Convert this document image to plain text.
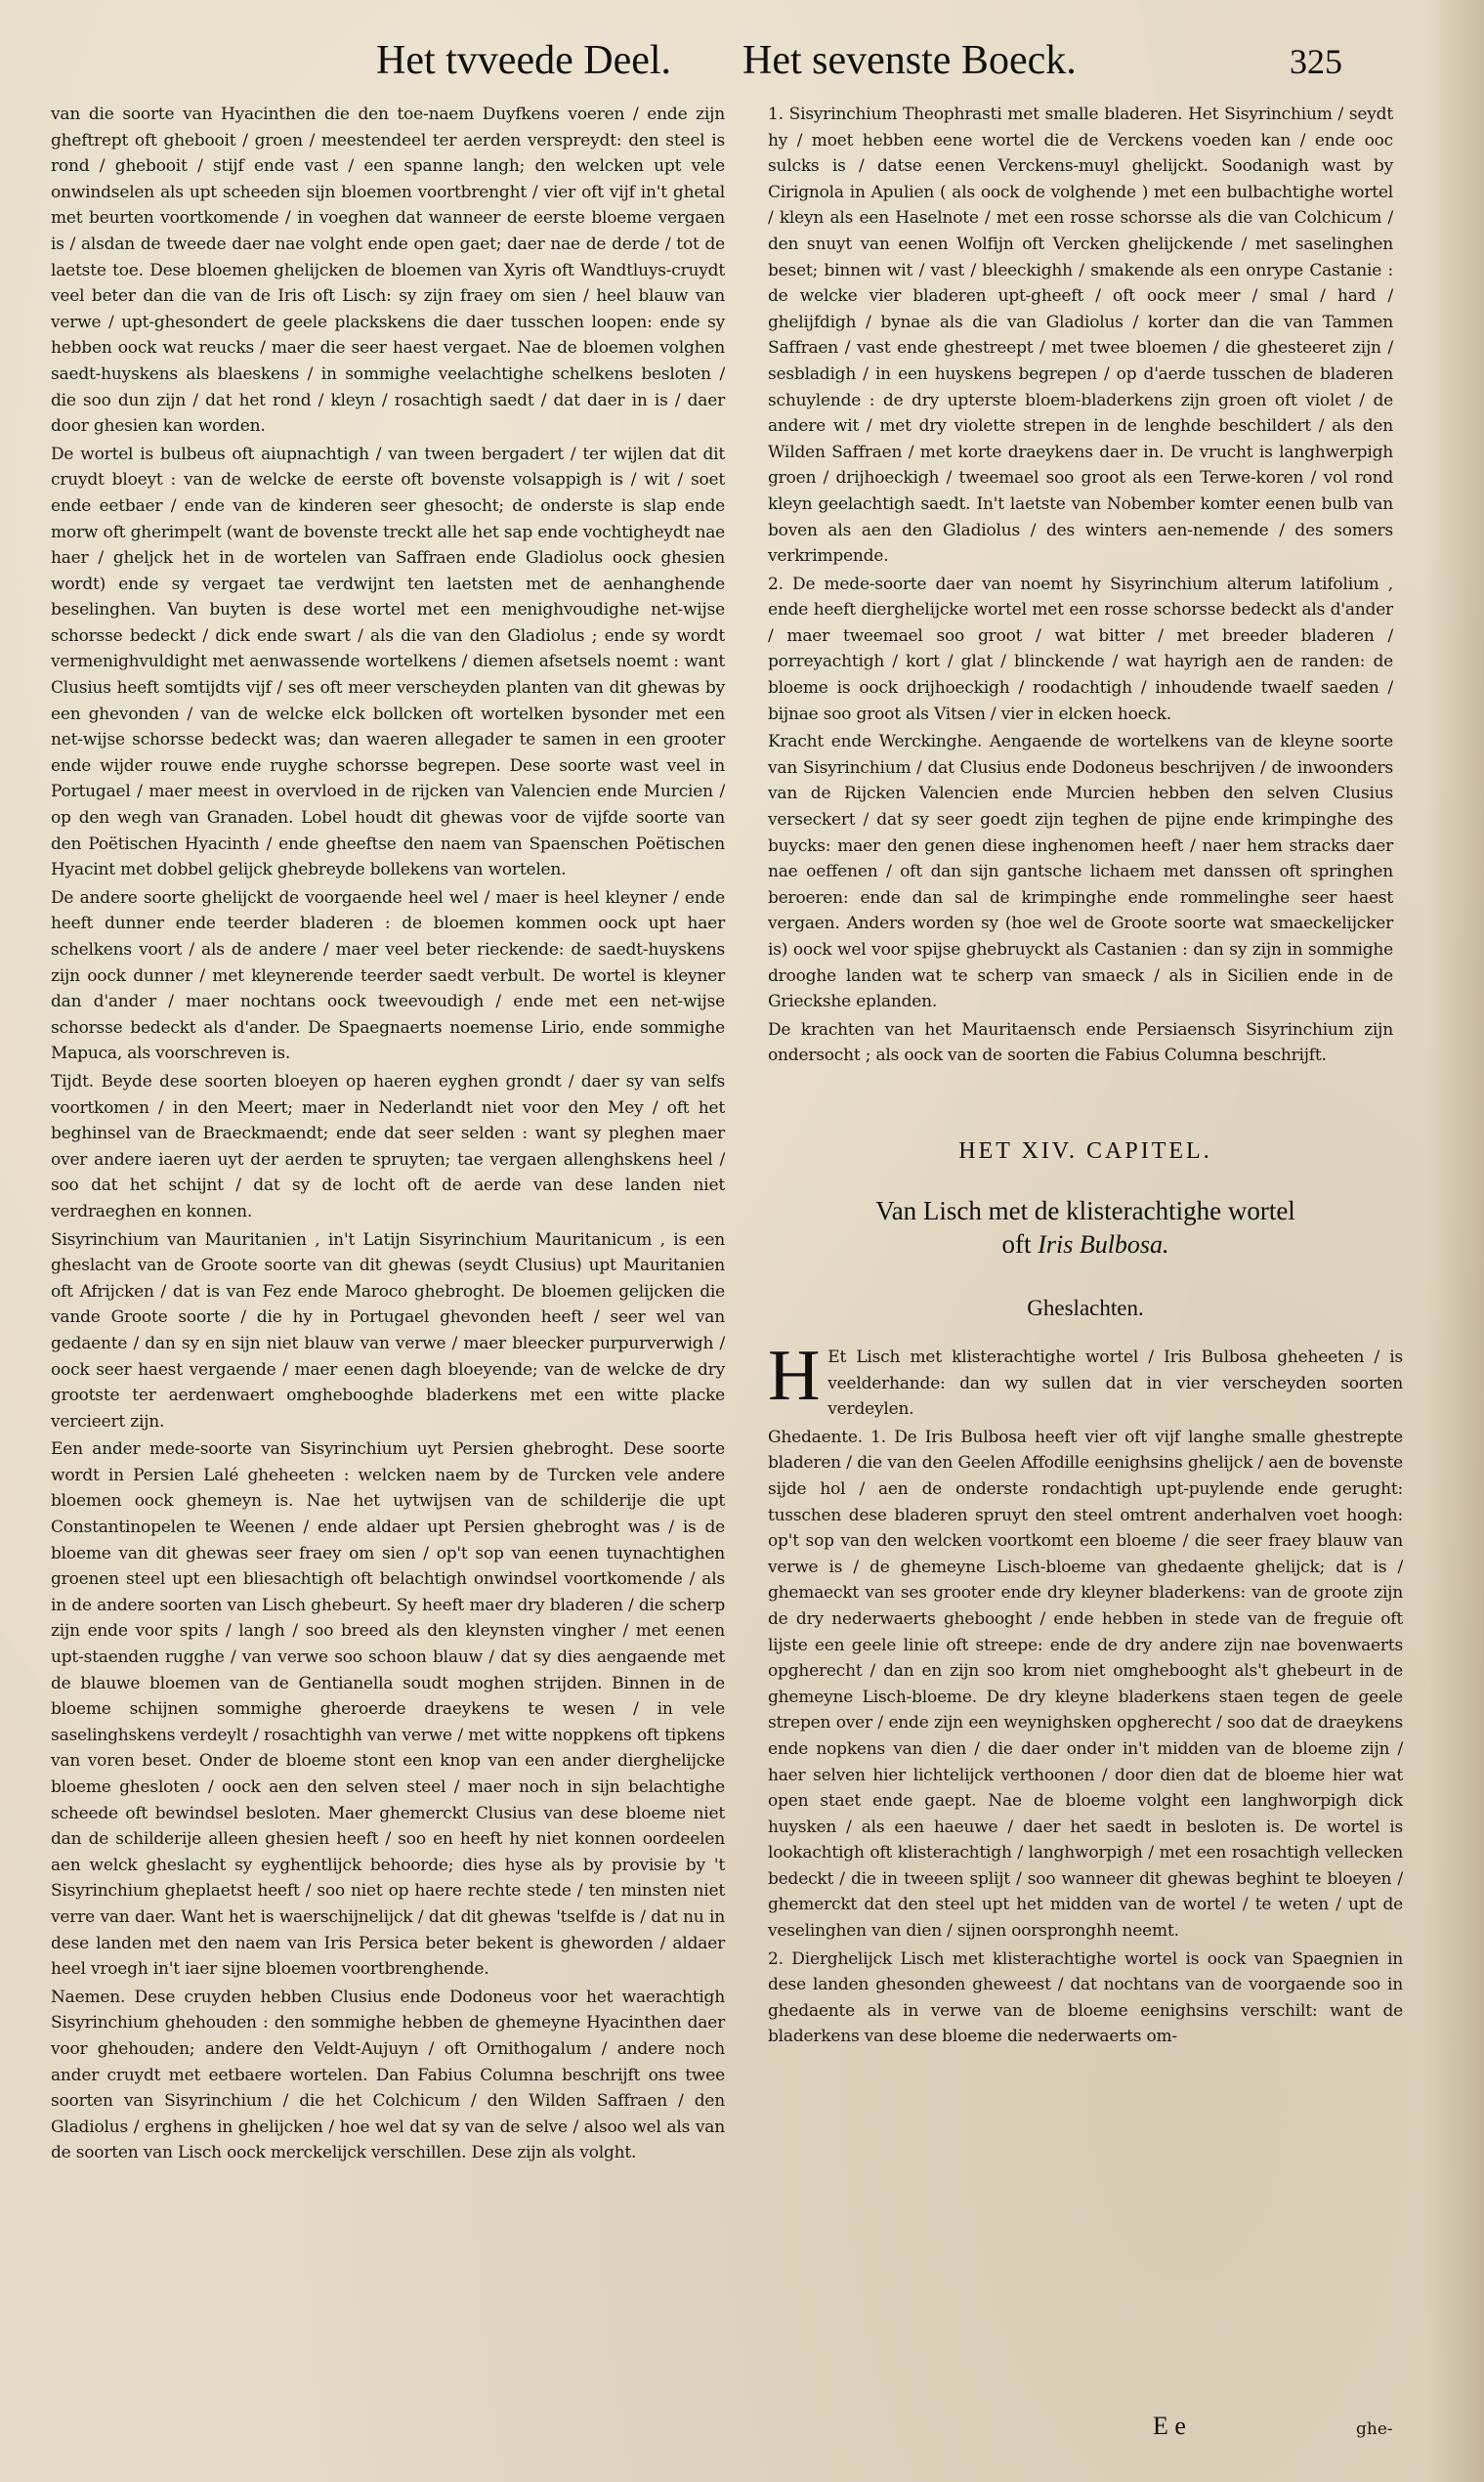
Het tvveede Deel. Het sevenste Boeck.	325

van die soorte van Hyacinthen die den toe-naem Duyfkens voeren / ende zijn gheftrept oft ghebooit / groen / meestendeel ter aerden verspreydt: den steel is rond / ghebooit / stijf ende vast / een spanne langh; den welcken upt vele onwindselen als upt scheeden sijn bloemen voortbrenght / vier oft vijf in't ghetal met beurten voortkomende / in voeghen dat wanneer de eerste bloeme vergaen is / alsdan de tweede daer nae volght ende open gaet; daer nae de derde / tot de laetste toe. Dese bloemen ghelijcken de bloemen van Xyris oft Wandtluys-cruydt veel beter dan die van de Iris oft Lisch: sy zijn fraey om sien / heel blauw van verwe / upt-ghesondert de geele plackskens die daer tusschen loopen: ende sy hebben oock wat reucks / maer die seer haest vergaet. Nae de bloemen volghen saedt-huyskens als blaeskens / in sommighe veelachtighe schelkens besloten / die soo dun zijn / dat het rond / kleyn / rosachtigh saedt / dat daer in is / daer door ghesien kan worden.

De wortel is bulbeus oft aiupnachtigh / van tween bergadert / ter wijlen dat dit cruydt bloeyt : van de welcke de eerste oft bovenste volsappigh is / wit / soet ende eetbaer / ende van de kinderen seer ghesocht; de onderste is slap ende morw oft gherimpelt (want de bovenste treckt alle het sap ende vochtigheydt nae haer / gheljck het in de wortelen van Saffraen ende Gladiolus oock ghesien wordt) ende sy vergaet tae verdwijnt ten laetsten met de aenhanghende beselinghen. Van buyten is dese wortel met een menighvoudighe net-wijse schorsse bedeckt / dick ende swart / als die van den Gladiolus ; ende sy wordt vermenighvuldight met aenwassende wortelkens / diemen afsetsels noemt : want Clusius heeft somtijdts vijf / ses oft meer verscheyden planten van dit ghewas by een ghevonden / van de welcke elck bollcken oft wortelken bysonder met een net-wijse schorsse bedeckt was; dan waeren allegader te samen in een grooter ende wijder rouwe ende ruyghe schorsse begrepen. Dese soorte wast veel in Portugael / maer meest in overvloed in de rijcken van Valencien ende Murcien / op den wegh van Granaden. Lobel houdt dit ghewas voor de vijfde soorte van den Poëtischen Hyacinth / ende gheeftse den naem van Spaenschen Poëtischen Hyacint met dobbel gelijck ghebreyde bollekens van wortelen.

De andere soorte ghelijckt de voorgaende heel wel / maer is heel kleyner / ende heeft dunner ende teerder bladeren : de bloemen kommen oock upt haer schelkens voort / als de andere / maer veel beter rieckende: de saedt-huyskens zijn oock dunner / met kleynerende teerder saedt verbult. De wortel is kleyner dan d'ander / maer nochtans oock tweevoudigh / ende met een net-wijse schorsse bedeckt als d'ander. De Spaegnaerts noemense Lirio, ende sommighe Mapuca, als voorschreven is.

Tijdt. Beyde dese soorten bloeyen op haeren eyghen grondt / daer sy van selfs voortkomen / in den Meert; maer in Nederlandt niet voor den Mey / oft het beghinsel van de Braeckmaendt; ende dat seer selden : want sy pleghen maer over andere iaeren uyt der aerden te spruyten; tae vergaen allenghskens heel / soo dat het schijnt / dat sy de locht oft de aerde van dese landen niet verdraeghen en konnen.

Sisyrinchium van Mauritanien , in't Latijn Sisyrinchium Mauritanicum , is een gheslacht van de Groote soorte van dit ghewas (seydt Clusius) upt Mauritanien oft Afrijcken / dat is van Fez ende Maroco ghebroght. De bloemen gelijcken die vande Groote soorte / die hy in Portugael ghevonden heeft / seer wel van gedaente / dan sy en sijn niet blauw van verwe / maer bleecker purpurverwigh / oock seer haest vergaende / maer eenen dagh bloeyende; van de welcke de dry grootste ter aerdenwaert omghebooghde bladerkens met een witte placke vercieert zijn.

Een ander mede-soorte van Sisyrinchium uyt Persien ghebroght. Dese soorte wordt in Persien Lalé gheheeten : welcken naem by de Turcken vele andere bloemen oock ghemeyn is. Nae het uytwijsen van de schilderije die upt Constantinopelen te Weenen / ende aldaer upt Persien ghebroght was / is de bloeme van dit ghewas seer fraey om sien / op't sop van eenen tuynachtighen groenen steel upt een bliesachtigh oft belachtigh onwindsel voortkomende / als in de andere soorten van Lisch ghebeurt. Sy heeft maer dry bladeren / die scherp zijn ende voor spits / langh / soo breed als den kleynsten vingher / met eenen upt-staenden rugghe / van verwe soo schoon blauw / dat sy dies aengaende met de blauwe bloemen van de Gentianella soudt moghen strijden. Binnen in de bloeme schijnen sommighe gheroerde draeykens te wesen / in vele saselinghskens verdeylt / rosachtighh van verwe / met witte noppkens oft tipkens van voren beset. Onder de bloeme stont een knop van een ander dierghelijcke bloeme ghesloten / oock aen den selven steel / maer noch in sijn belachtighe scheede oft bewindsel besloten. Maer ghemerckt Clusius van dese bloeme niet dan de schilderije alleen ghesien heeft / soo en heeft hy niet konnen oordeelen aen welck gheslacht sy eyghentlijck behoorde; dies hyse als by provisie by 't Sisyrinchium gheplaetst heeft / soo niet op haere rechte stede / ten minsten niet verre van daer. Want het is waerschijnelijck / dat dit ghewas 'tselfde is / dat nu in dese landen met den naem van Iris Persica beter bekent is gheworden / aldaer heel vroegh in't iaer sijne bloemen voortbrenghende.

Naemen. Dese cruyden hebben Clusius ende Dodoneus voor het waerachtigh Sisyrinchium ghehouden : den sommighe hebben de ghemeyne Hyacinthen daer voor ghehouden; andere den Veldt-Aujuyn / oft Ornithogalum / andere noch ander cruydt met eetbaere wortelen. Dan Fabius Columna beschrijft ons twee soorten van Sisyrinchium / die het Colchicum / den Wilden Saffraen / den Gladiolus / erghens in ghelijcken / hoe wel dat sy van de selve / alsoo wel als van de soorten van Lisch oock merckelijck verschillen. Dese zijn als volght.

1. Sisyrinchium Theophrasti met smalle bladeren. Het Sisyrinchium / seydt hy / moet hebben eene wortel die de Verckens voeden kan / ende ooc sulcks is / datse eenen Verckens-muyl ghelijckt. Soodanigh wast by Cirignola in Apulien ( als oock de volghende ) met een bulbachtighe wortel / kleyn als een Haselnote / met een rosse schorsse als die van Colchicum / den snuyt van eenen Wolfijn oft Vercken ghelijckende / met saselinghen beset; binnen wit / vast / bleeckighh / smakende als een onrype Castanie : de welcke vier bladeren upt-gheeft / oft oock meer / smal / hard / ghelijfdigh / bynae als die van Gladiolus / korter dan die van Tammen Saffraen / vast ende ghestreept / met twee bloemen / die ghesteeret zijn / sesbladigh / in een huyskens begrepen / op d'aerde tusschen de bladeren schuylende : de dry upterste bloem-bladerkens zijn groen oft violet / de andere wit / met dry violette strepen in de lenghde beschildert / als den Wilden Saffraen / met korte draeykens daer in. De vrucht is langhwerpigh groen / drijhoeckigh / tweemael soo groot als een Terwe-koren / vol rond kleyn geelachtigh saedt. In't laetste van Nobember komter eenen bulb van boven als aen den Gladiolus / des winters aen-nemende / des somers verkrimpende.

2. De mede-soorte daer van noemt hy Sisyrinchium alterum latifolium , ende heeft dierghelijcke wortel met een rosse schorsse bedeckt als d'ander / maer tweemael soo groot / wat bitter / met breeder bladeren / porreyachtigh / kort / glat / blinckende / wat hayrigh aen de randen: de bloeme is oock drijhoeckigh / roodachtigh / inhoudende twaelf saeden / bijnae soo groot als Vitsen / vier in elcken hoeck.

Kracht ende Werckinghe. Aengaende de wortelkens van de kleyne soorte van Sisyrinchium / dat Clusius ende Dodoneus beschrijven / de inwoonders van de Rijcken Valencien ende Murcien hebben den selven Clusius verseckert / dat sy seer goedt zijn teghen de pijne ende krimpinghe des buycks: maer den genen diese inghenomen heeft / naer hem stracks daer nae oeffenen / oft dan sijn gantsche lichaem met danssen oft springhen beroeren: ende dan sal de krimpinghe ende rommelinghe seer haest vergaen. Anders worden sy (hoe wel de Groote soorte wat smaeckelijcker is) oock wel voor spijse ghebruyckt als Castanien : dan sy zijn in sommighe drooghe landen wat te scherp van smaeck / als in Sicilien ende in de Grieckshe eplanden.

De krachten van het Mauritaensch ende Persiaensch Sisyrinchium zijn ondersocht ; als oock van de soorten die Fabius Columna beschrijft.

HET XIV. CAPITEL.
Van Lisch met de klisterachtighe wortel
oft Iris Bulbosa.
Gheslachten.

H Et Lisch met klisterachtighe wortel / Iris Bulbosa gheheeten / is veelderhande: dan wy sullen dat in vier verscheyden soorten verdeylen.

Ghedaente. 1. De Iris Bulbosa heeft vier oft vijf langhe smalle ghestrepte bladeren / die van den Geelen Affodille eenighsins ghelijck / aen de bovenste sijde hol / aen de onderste rondachtigh upt-puylende ende gerught: tusschen dese bladeren spruyt den steel omtrent anderhalven voet hoogh: op't sop van den welcken voortkomt een bloeme / die seer fraey blauw van verwe is / de ghemeyne Lisch-bloeme van ghedaente ghelijck; dat is / ghemaeckt van ses grooter ende dry kleyner bladerkens: van de groote zijn de dry nederwaerts ghebooght / ende hebben in stede van de freguie oft lijste een geele linie oft streepe: ende de dry andere zijn nae bovenwaerts opgherecht / dan en zijn soo krom niet omghebooght als't ghebeurt in de ghemeyne Lisch-bloeme. De dry kleyne bladerkens staen tegen de geele strepen over / ende zijn een weynighsken opgherecht / soo dat de draeykens ende nopkens van dien / die daer onder in't midden van de bloeme zijn / haer selven hier lichtelijck verthoonen / door dien dat de bloeme hier wat open staet ende gaept. Nae de bloeme volght een langhworpigh dick huysken / als een haeuwe / daer het saedt in besloten is. De wortel is lookachtigh oft klisterachtigh / langhworpigh / met een rosachtigh vellecken bedeckt / die in tweeen splijt / soo wanneer dit ghewas beghint te bloeyen / ghemerckt dat den steel upt het midden van de wortel / te weten / upt de veselinghen van dien / sijnen oorspronghh neemt.

2. Dierghelijck Lisch met klisterachtighe wortel is oock van Spaegnien in dese landen ghesonden gheweest / dat nochtans van de voorgaende soo in ghedaente als in verwe van de bloeme eenighsins verschilt: want de bladerkens van dese bloeme die nederwaerts om-

E e	ghe-
